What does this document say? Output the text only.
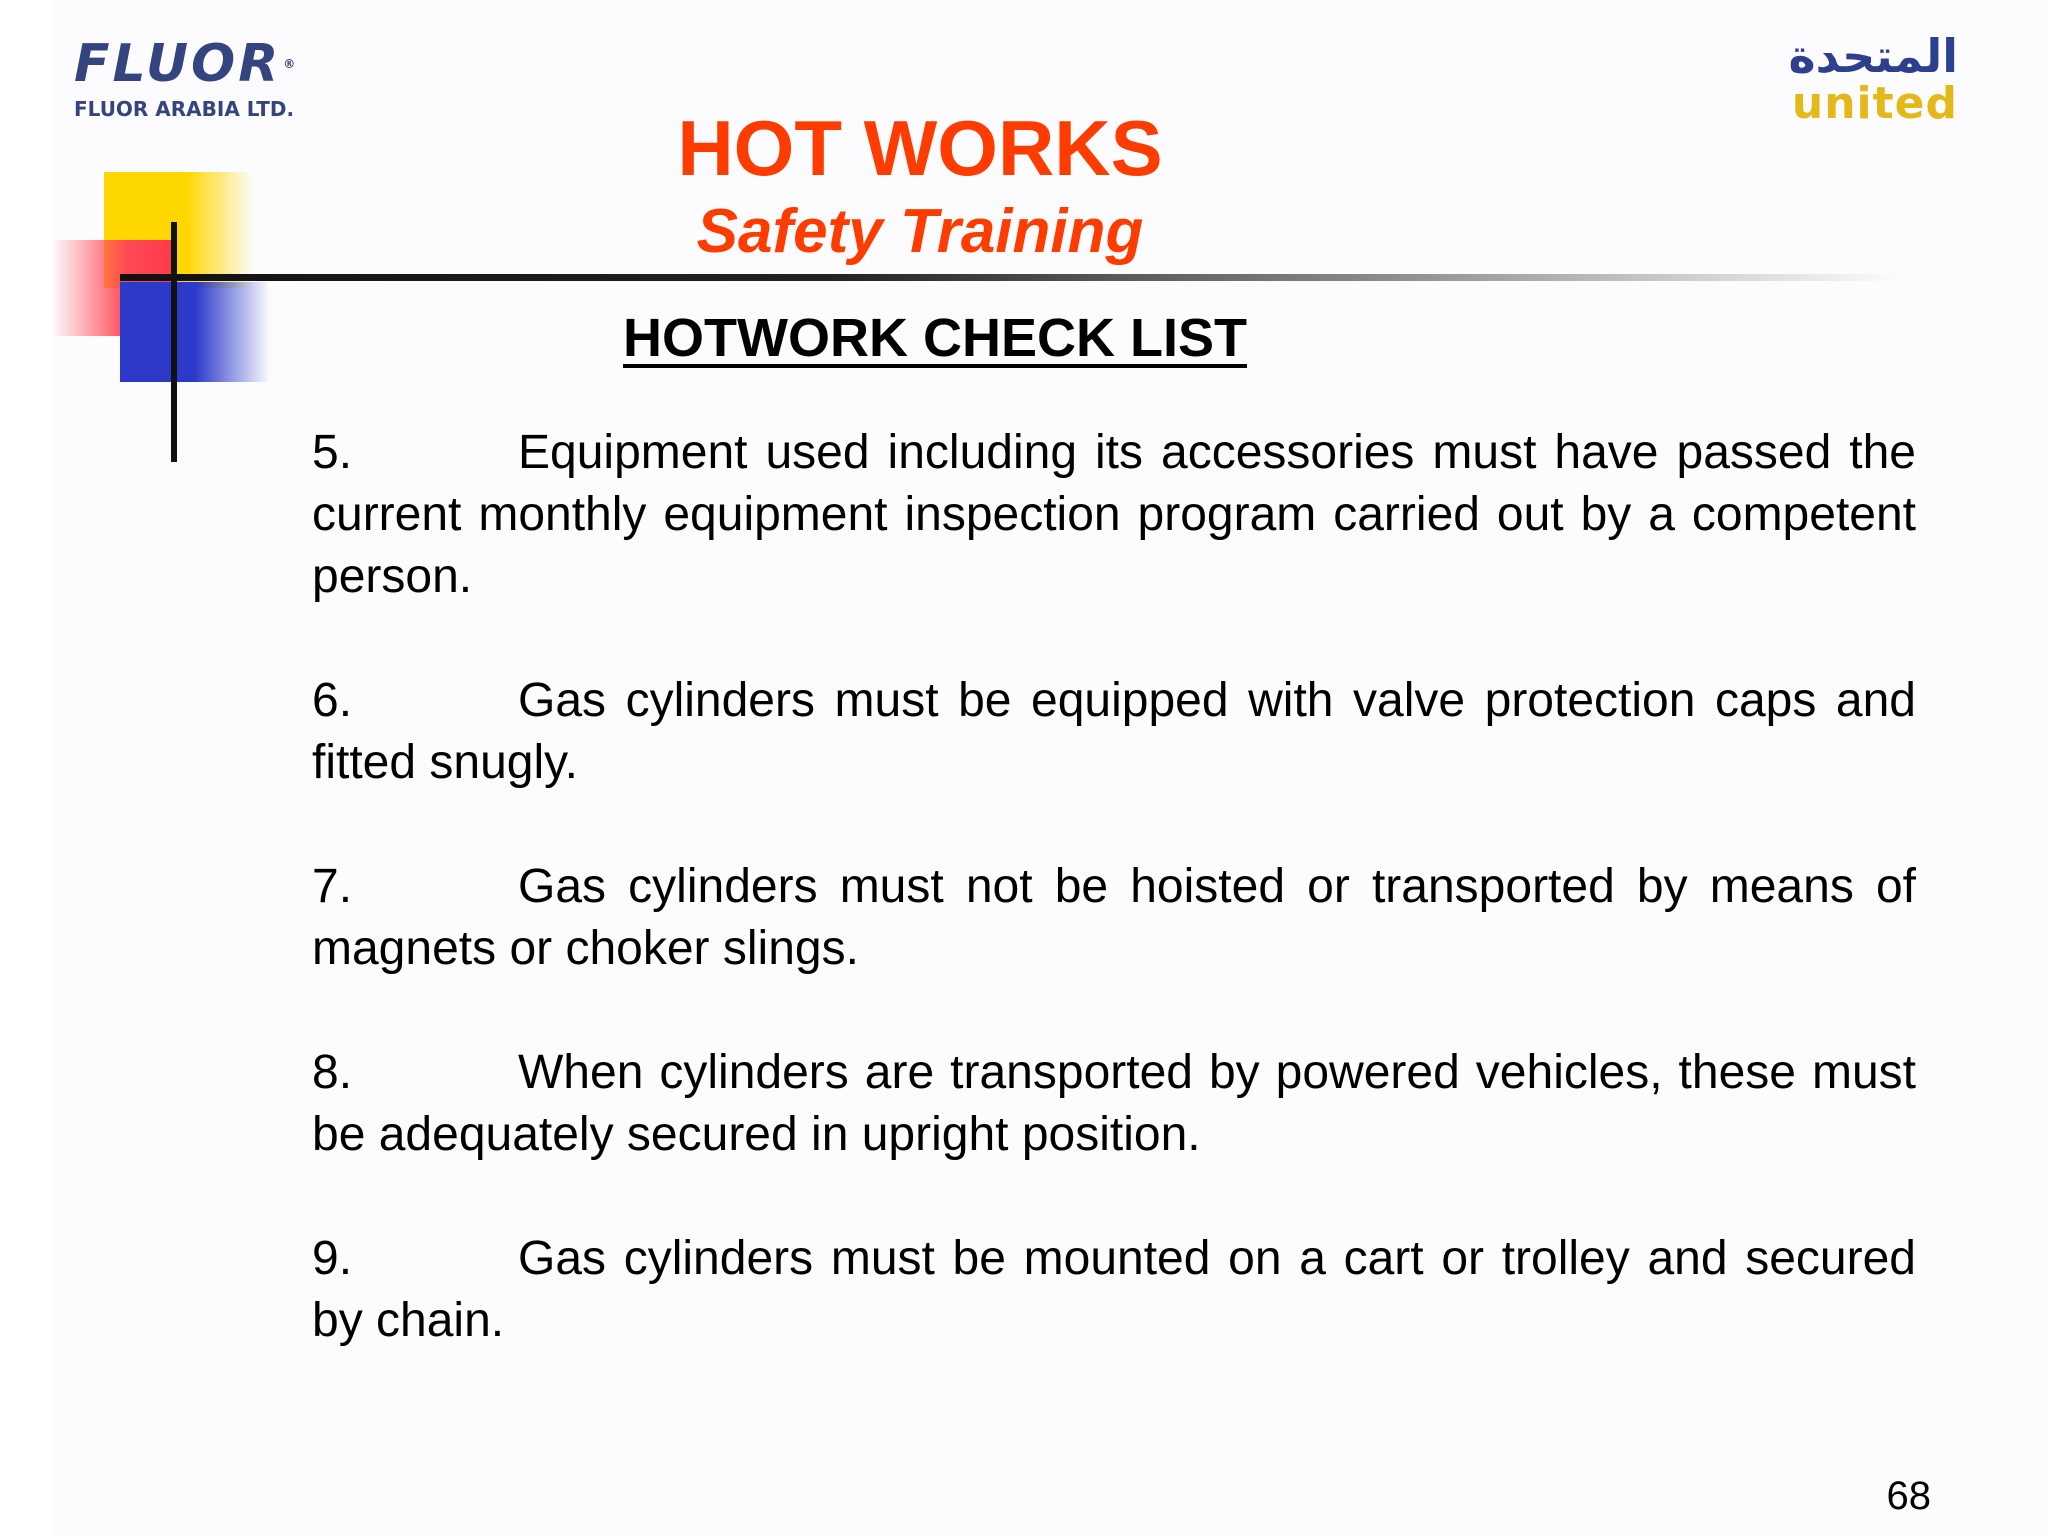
FLUOR ®
FLUOR ARABIA LTD.
المتحدة
united
HOT WORKS
Safety Training
HOTWORK CHECK LIST
5.	Equipment used including its accessories must have passed the current monthly equipment inspection program carried out by a competent person.
6.	Gas cylinders must be equipped with valve protection caps and fitted snugly.
7.	Gas cylinders must not be hoisted or transported by means of magnets or choker slings.
8.	When cylinders are transported by powered vehicles, these must be adequately secured in upright position.
9.	Gas cylinders must be mounted on a cart or trolley and secured by chain.
68
